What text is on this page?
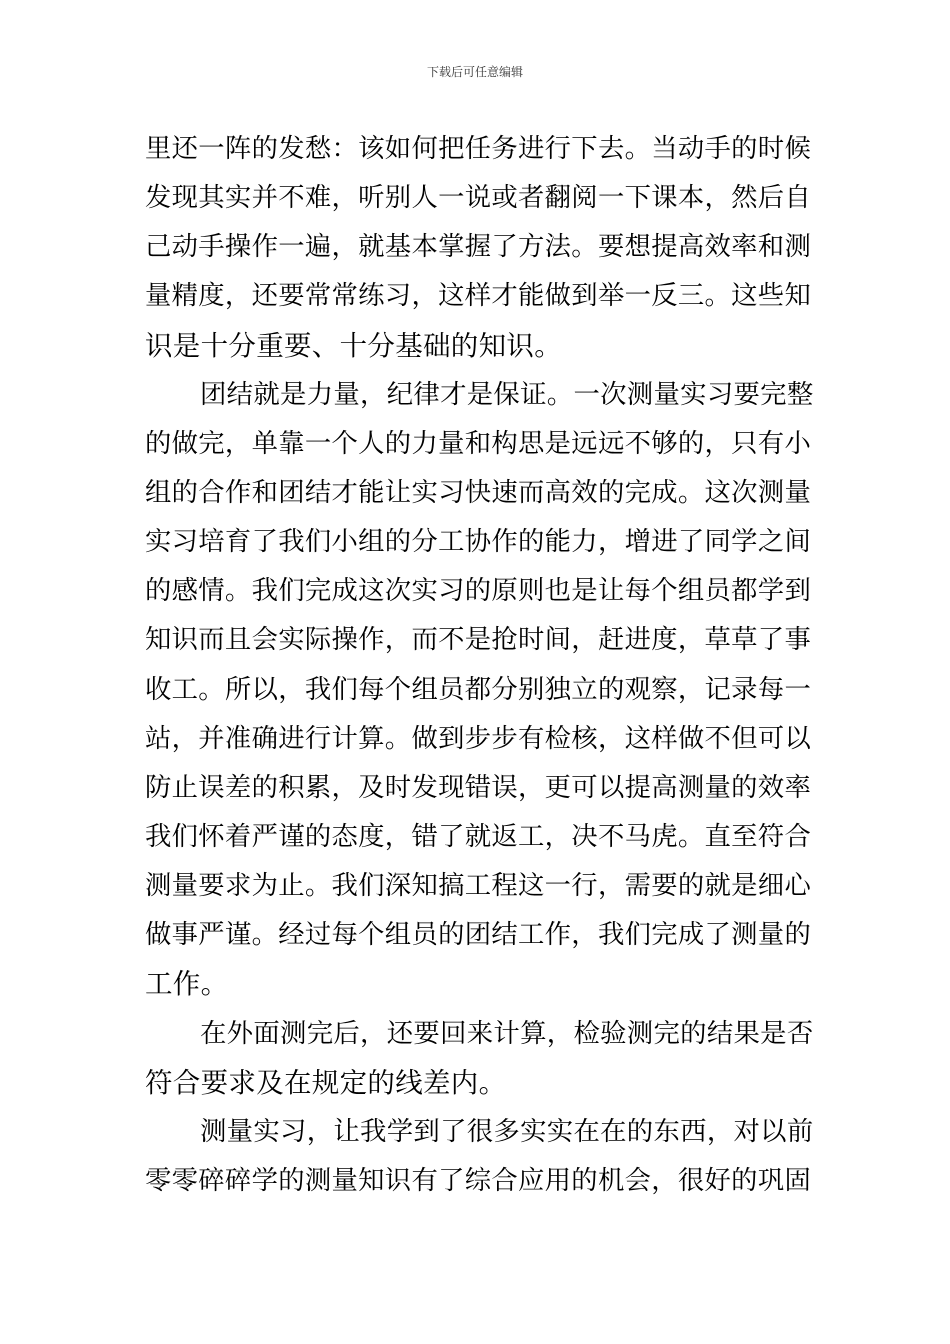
下载后可任意编辑
里还一阵的发愁：该如何把任务进行下去。当动手的时候
发现其实并不难，听别人一说或者翻阅一下课本，然后自
己动手操作一遍，就基本掌握了方法。要想提高效率和测
量精度，还要常常练习，这样才能做到举一反三。这些知
识是十分重要、十分基础的知识。
团结就是力量，纪律才是保证。一次测量实习要完整
的做完，单靠一个人的力量和构思是远远不够的，只有小
组的合作和团结才能让实习快速而高效的完成。这次测量
实习培育了我们小组的分工协作的能力，增进了同学之间
的感情。我们完成这次实习的原则也是让每个组员都学到
知识而且会实际操作，而不是抢时间，赶进度，草草了事
收工。所以，我们每个组员都分别独立的观察，记录每一
站，并准确进行计算。做到步步有检核，这样做不但可以
防止误差的积累，及时发现错误，更可以提高测量的效率
我们怀着严谨的态度，错了就返工，决不马虎。直至符合
测量要求为止。我们深知搞工程这一行，需要的就是细心
做事严谨。经过每个组员的团结工作，我们完成了测量的
工作。
在外面测完后，还要回来计算，检验测完的结果是否
符合要求及在规定的线差内。
测量实习，让我学到了很多实实在在的东西，对以前
零零碎碎学的测量知识有了综合应用的机会，很好的巩固
